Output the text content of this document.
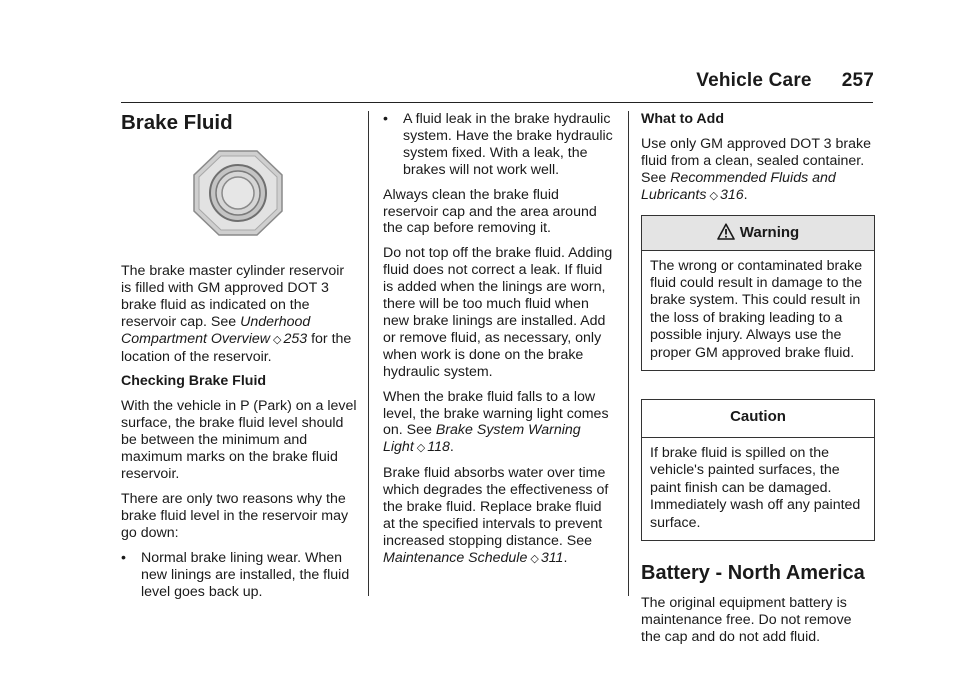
Vehicle Care 257
Brake Fluid

The brake master cylinder reservoir is filled with GM approved DOT 3 brake fluid as indicated on the reservoir cap. See Underhood Compartment Overview ◇ 253 for the location of the reservoir.

Checking Brake Fluid

With the vehicle in P (Park) on a level surface, the brake fluid level should be between the minimum and maximum marks on the brake fluid reservoir.

There are only two reasons why the brake fluid level in the reservoir may go down:

• Normal brake lining wear. When new linings are installed, the fluid level goes back up.
• A fluid leak in the brake hydraulic system. Have the brake hydraulic system fixed. With a leak, the brakes will not work well.

Always clean the brake fluid reservoir cap and the area around the cap before removing it.

Do not top off the brake fluid. Adding fluid does not correct a leak. If fluid is added when the linings are worn, there will be too much fluid when new brake linings are installed. Add or remove fluid, as necessary, only when work is done on the brake hydraulic system.

When the brake fluid falls to a low level, the brake warning light comes on. See Brake System Warning Light ◇ 118.

Brake fluid absorbs water over time which degrades the effectiveness of the brake fluid. Replace brake fluid at the specified intervals to prevent increased stopping distance. See Maintenance Schedule ◇ 311.

What to Add

Use only GM approved DOT 3 brake fluid from a clean, sealed container. See Recommended Fluids and Lubricants ◇ 316.

Warning
The wrong or contaminated brake fluid could result in damage to the brake system. This could result in the loss of braking leading to a possible injury. Always use the proper GM approved brake fluid.
Caution
If brake fluid is spilled on the vehicle's painted surfaces, the paint finish can be damaged. Immediately wash off any painted surface.
Battery - North America

The original equipment battery is maintenance free. Do not remove the cap and do not add fluid.
